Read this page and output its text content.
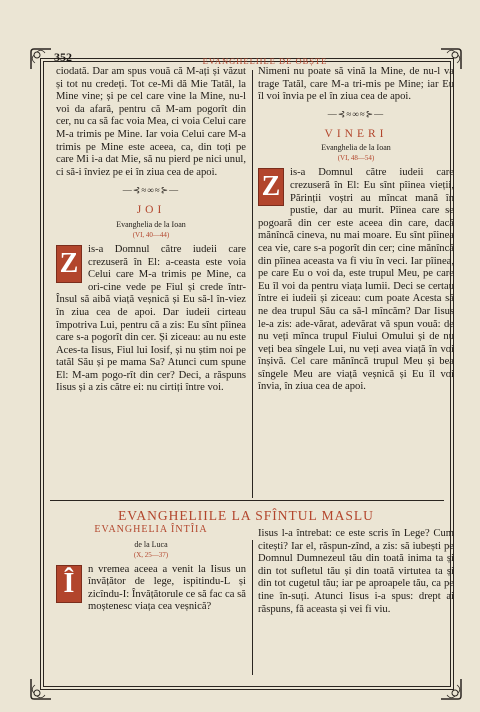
352	EVANGHELIILE DE OBȘTE

ciodată. Dar am spus vouă că M-ați și văzut și tot nu credeți. Tot ce-Mi dă Mie Tatăl, la Mine vine; și pe cel care vine la Mine, nu-l voi da afară, pentru că M-am pogorît din cer, nu ca să fac voia Mea, ci voia Celui care M-a trimis pe Mine. Iar voia Celui care M-a trimis pe Mine este aceea, ca, din toți pe care Mi i-a dat Mie, să nu pierd pe nici unul, ci să-i înviez pe ei în ziua cea de apoi.

—⊰≈∞≈⊱—
JOI
Evanghelia de la Ioan
(VI, 40—44)

Z is-a Domnul către iudeii care crezuseră în El: a-ceasta este voia Celui care M-a trimis pe Mine, ca ori-cine vede pe Fiul și crede într-Însul să aibă viață veșnică și Eu să-l în-viez în ziua cea de apoi. Dar iudeii cirteau împotriva Lui, pentru că a zis: Eu sînt pîinea care s-a pogorît din cer. Și ziceau: au nu este Aces-ta Iisus, Fiul lui Iosif, și nu știm noi pe tatăl Său și pe mama Sa? Atunci cum spune El: M-am pogo-rît din cer? Deci, a răspuns Iisus și a zis către ei: nu cirtiți între voi.

Nimeni nu poate să vină la Mine, de nu-l va trage Tatăl, care M-a tri-mis pe Mine; iar Eu îl voi învia pe el în ziua cea de apoi.

—⊰≈∞≈⊱—
VINERI
Evanghelia de la Ioan
(VI, 48—54)

Z is-a Domnul către iudeii care crezuseră în El: Eu sînt pîinea vieții, Părinții voștri au mîncat mană în pustie, dar au murit. Pîinea care se pogoară din cer este aceea din care, dacă mănîncă cineva, nu mai moare. Eu sînt pîinea cea vie, care s-a pogorît din cer; cine mănîncă din pîinea aceasta va fi viu în veci. Iar pîinea, pe care Eu o voi da, este trupul Meu, pe care Eu îl voi da pentru viața lumii. Deci se certau între ei iudeii și ziceau: cum poate Acesta să ne dea trupul Său ca să-l mîncăm? Dar Iisus le-a zis: ade-vărat, adevărat vă spun vouă: de nu veți mînca trupul Fiului Omului și de nu veți bea sîngele Lui, nu veți avea viață în voi înșivă. Cel care mănîncă trupul Meu și bea sîngele Meu are viață veșnică și Eu îl voi învia, în ziua cea de apoi.

EVANGHELIILE LA SFÎNTUL MASLU
EVANGHELIA ÎNTÎIA
de la Luca
(X, 25—37)

Î	n vremea aceea a venit la Iisus un învățător de lege, ispitindu-L și zicîndu-I: Învățătorule ce să fac ca să moștenesc viața cea veșnică?

Iisus l-a întrebat: ce este scris în Lege? Cum citești? Iar el, răspun-zînd, a zis: să iubești pe Domnul Dumnezeul tău din toată inima ta și din tot sufletul tău și din toată virtutea ta și din tot cugetul tău; iar pe aproapele tău, ca pe tine în-suți. Atunci Iisus i-a spus: drept ai răspuns, fă aceasta și vei fi viu.
